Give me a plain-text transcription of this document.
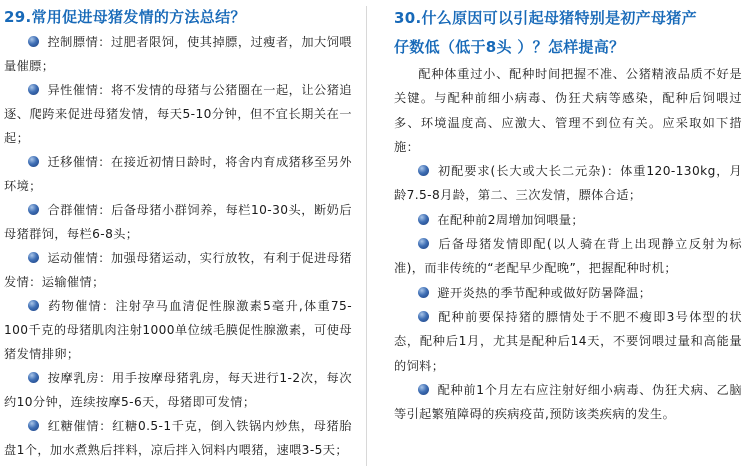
29.常用促进母猪发情的方法总结？

控制膘情：过肥者限饲，使其掉膘，过瘦者，加大饲喂量催膘；

异性催情：将不发情的母猪与公猪圈在一起，让公猪追逐、爬跨来促进母猪发情，每天5-10分钟，但不宜长期关在一起；

迁移催情：在接近初情日龄时，将舍内育成猪移至另外环境；

合群催情：后备母猪小群饲养，每栏10-30头，断奶后母猪群饲，每栏6-8头；

运动催情：加强母猪运动，实行放牧，有利于促进母猪发情：运输催情；

药物催情：注射孕马血清促性腺激素5毫升,体重75-100千克的母猪肌肉注射1000单位绒毛膜促性腺激素，可使母猪发情排卵；

按摩乳房：用手按摩母猪乳房，每天进行1-2次，每次约10分钟，连续按摩5-6天，母猪即可发情；

红糖催情：红糖0.5-1千克，倒入铁锅内炒焦，母猪胎盘1个，加水煮熟后拌料，凉后拌入饲料内喂猪，速喂3-5天；

30.什么原因可以引起母猪特别是初产母猪产

仔数低（低于8头 ）？怎样提高？

配种体重过小、配种时间把握不准、公猪精液品质不好是关键。与配种前细小病毒、伪狂犬病等感染，配种后饲喂过多、环境温度高、应激大、管理不到位有关。应采取如下措施：

初配要求(长大或大长二元杂)：体重120-130kg，月龄7.5-8月龄，第二、三次发情，膘体合适；

在配种前2周增加饲喂量；

后备母猪发情即配(以人骑在背上出现静立反射为标准)，而非传统的“老配早少配晚”，把握配种时机；

避开炎热的季节配种或做好防暑降温；

配种前要保持猪的膘情处于不肥不瘦即3号体型的状态，配种后1月，尤其是配种后14天，不要饲喂过量和高能量的饲料；

配种前1个月左右应注射好细小病毒、伪狂犬病、乙脑等引起繁殖障碍的疾病疫苗,预防该类疾病的发生。
